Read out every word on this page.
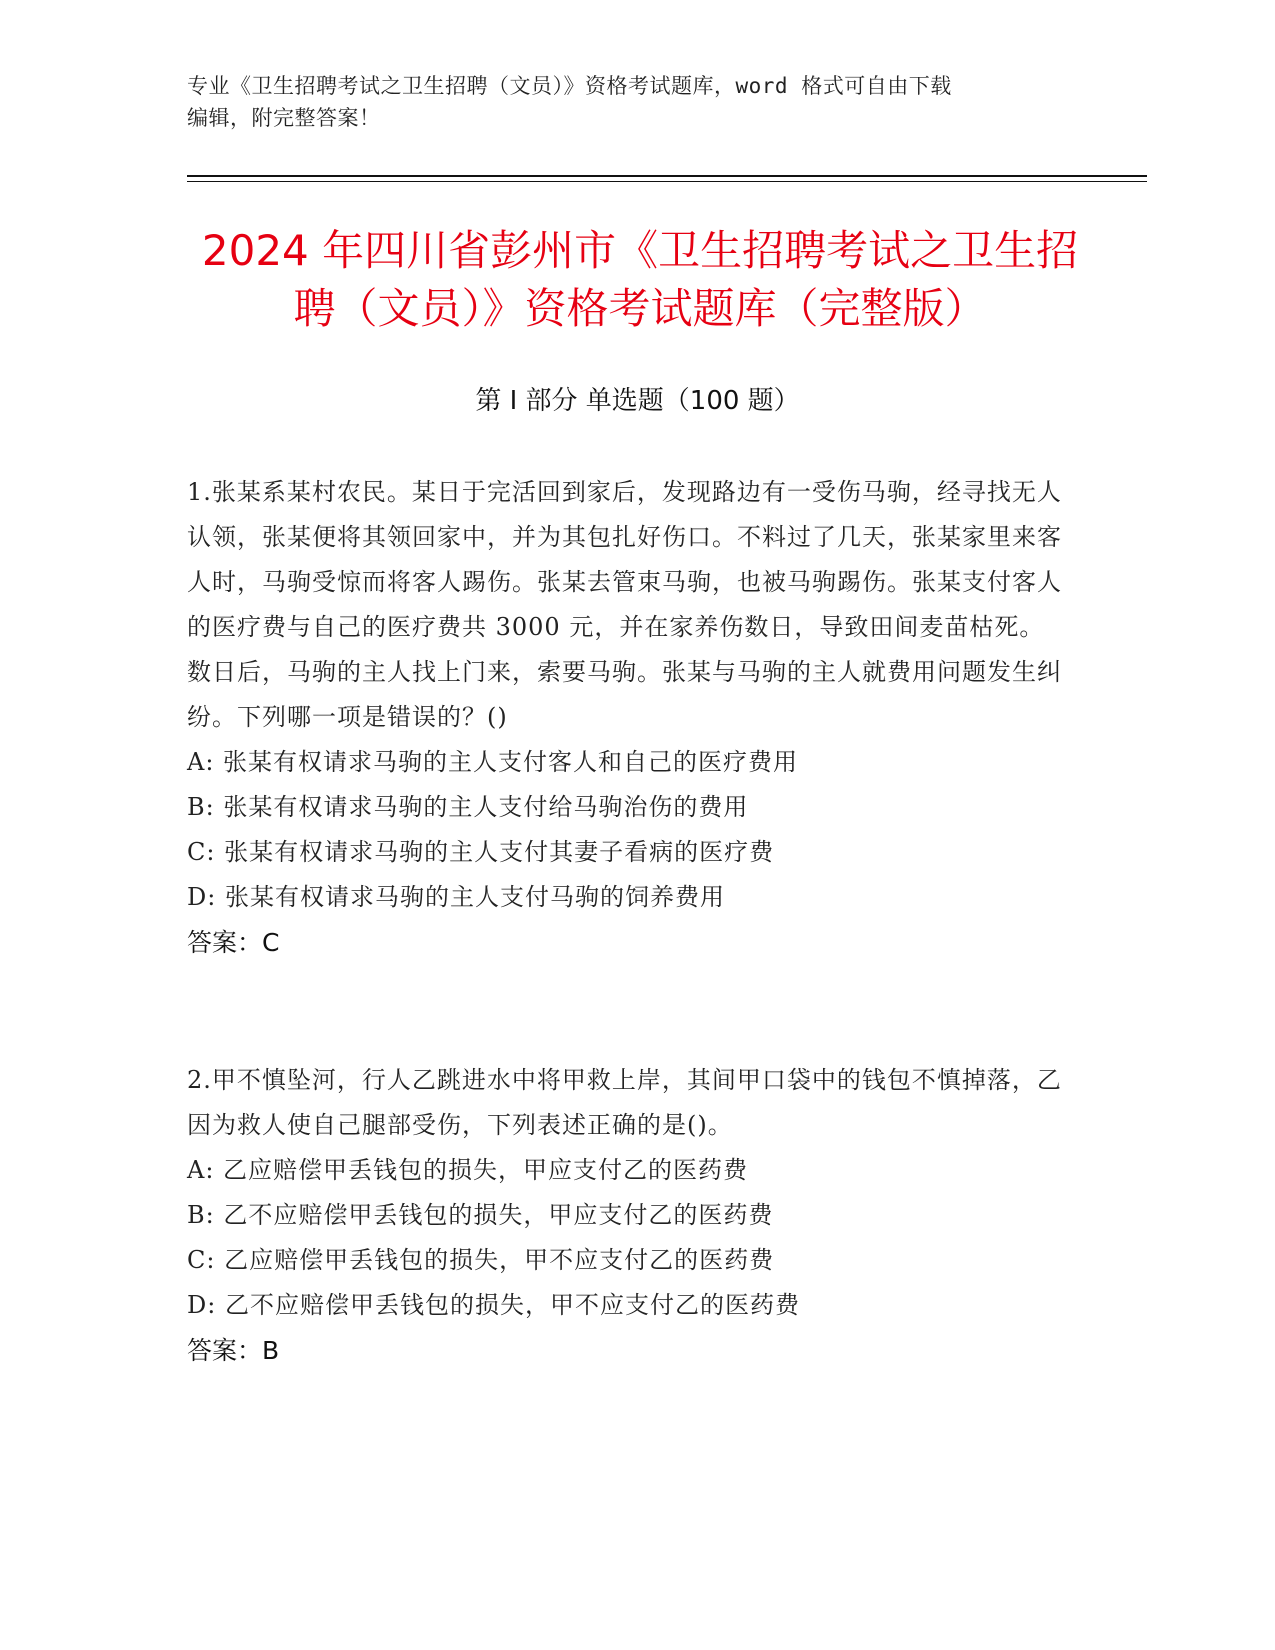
专业《卫生招聘考试之卫生招聘（文员）》资格考试题库，word 格式可自由下载
编辑，附完整答案！
2024 年四川省彭州市《卫生招聘考试之卫生招聘（文员）》资格考试题库（完整版）
第 I 部分 单选题（100 题）

1.张某系某村农民。某日于完活回到家后，发现路边有一受伤马驹，经寻找无人认领，张某便将其领回家中，并为其包扎好伤口。不料过了几天，张某家里来客人时，马驹受惊而将客人踢伤。张某去管束马驹，也被马驹踢伤。张某支付客人的医疗费与自己的医疗费共 3000 元，并在家养伤数日，导致田间麦苗枯死。数日后，马驹的主人找上门来，索要马驹。张某与马驹的主人就费用问题发生纠纷。下列哪一项是错误的？()

A: 张某有权请求马驹的主人支付客人和自己的医疗费用

B: 张某有权请求马驹的主人支付给马驹治伤的费用

C: 张某有权请求马驹的主人支付其妻子看病的医疗费

D: 张某有权请求马驹的主人支付马驹的饲养费用

答案：C

2.甲不慎坠河，行人乙跳进水中将甲救上岸，其间甲口袋中的钱包不慎掉落，乙因为救人使自己腿部受伤，下列表述正确的是()。

A: 乙应赔偿甲丢钱包的损失，甲应支付乙的医药费

B: 乙不应赔偿甲丢钱包的损失，甲应支付乙的医药费

C: 乙应赔偿甲丢钱包的损失，甲不应支付乙的医药费

D: 乙不应赔偿甲丢钱包的损失，甲不应支付乙的医药费

答案：B
